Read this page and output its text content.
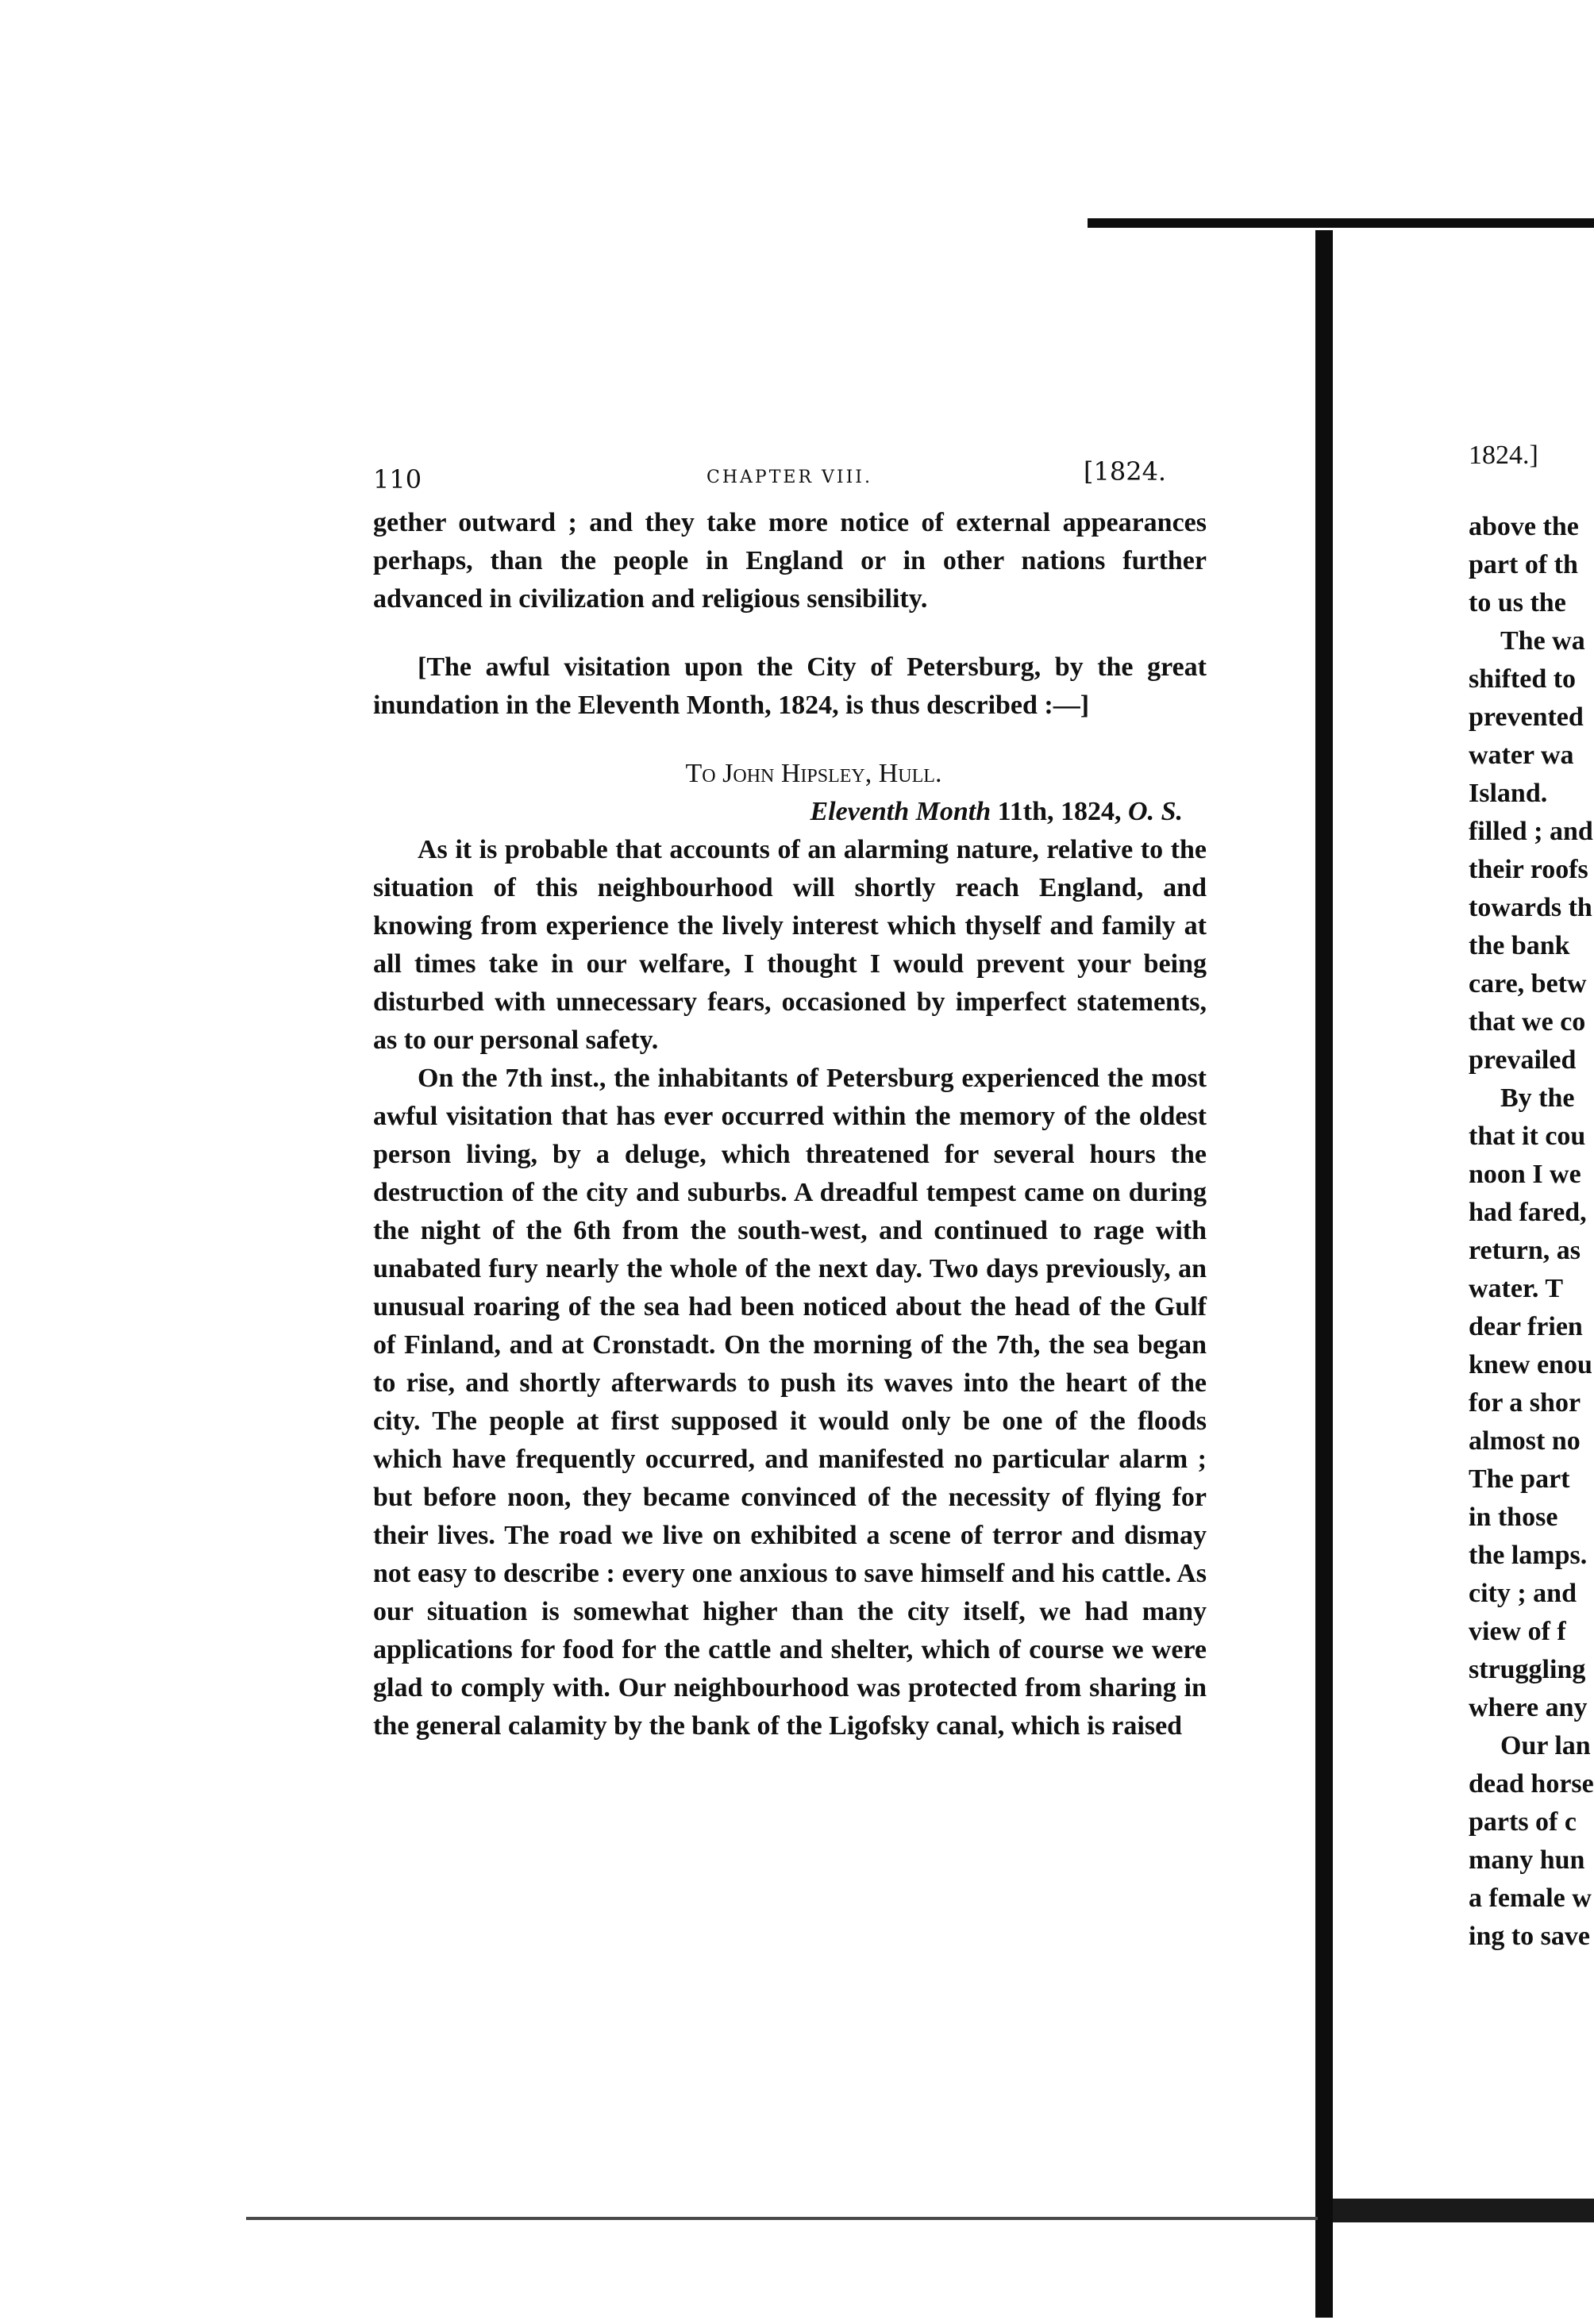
110	CHAPTER VIII.	[1824.

gether outward ; and they take more notice of external appearances perhaps, than the people in England or in other nations further advanced in civilization and religious sensibility.

[The awful visitation upon the City of Petersburg, by the great inundation in the Eleventh Month, 1824, is thus described :—]

To John Hipsley, Hull.

Eleventh Month 11th, 1824, O. S.

As it is probable that accounts of an alarming nature, relative to the situation of this neighbourhood will shortly reach England, and knowing from experience the lively interest which thyself and family at all times take in our welfare, I thought I would prevent your being disturbed with unnecessary fears, occasioned by imperfect statements, as to our personal safety.

On the 7th inst., the inhabitants of Petersburg experienced the most awful visitation that has ever occurred within the memory of the oldest person living, by a deluge, which threatened for several hours the destruction of the city and suburbs. A dreadful tempest came on during the night of the 6th from the south-west, and continued to rage with unabated fury nearly the whole of the next day. Two days previously, an unusual roaring of the sea had been noticed about the head of the Gulf of Finland, and at Cronstadt. On the morning of the 7th, the sea began to rise, and shortly afterwards to push its waves into the heart of the city. The people at first supposed it would only be one of the floods which have frequently occurred, and manifested no particular alarm ; but before noon, they became convinced of the necessity of flying for their lives. The road we live on exhibited a scene of terror and dismay not easy to describe : every one anxious to save himself and his cattle. As our situation is somewhat higher than the city itself, we had many applications for food for the cattle and shelter, which of course we were glad to comply with. Our neighbourhood was protected from sharing in the general calamity by the bank of the Ligofsky canal, which is raised

1824.]
above the
part of th
to us the
The wa
shifted to
prevented
water wa
Island.
filled ; and
their roofs
towards th
the bank
care, betw
that we co
prevailed
By the
that it cou
noon I we
had fared,
return, as
water. T
dear frien
knew enou
for a shor
almost no
The part
in those
the lamps.
city ; and
view of f
struggling
where any
Our lan
dead horse
parts of c
many hun
a female w
ing to save
